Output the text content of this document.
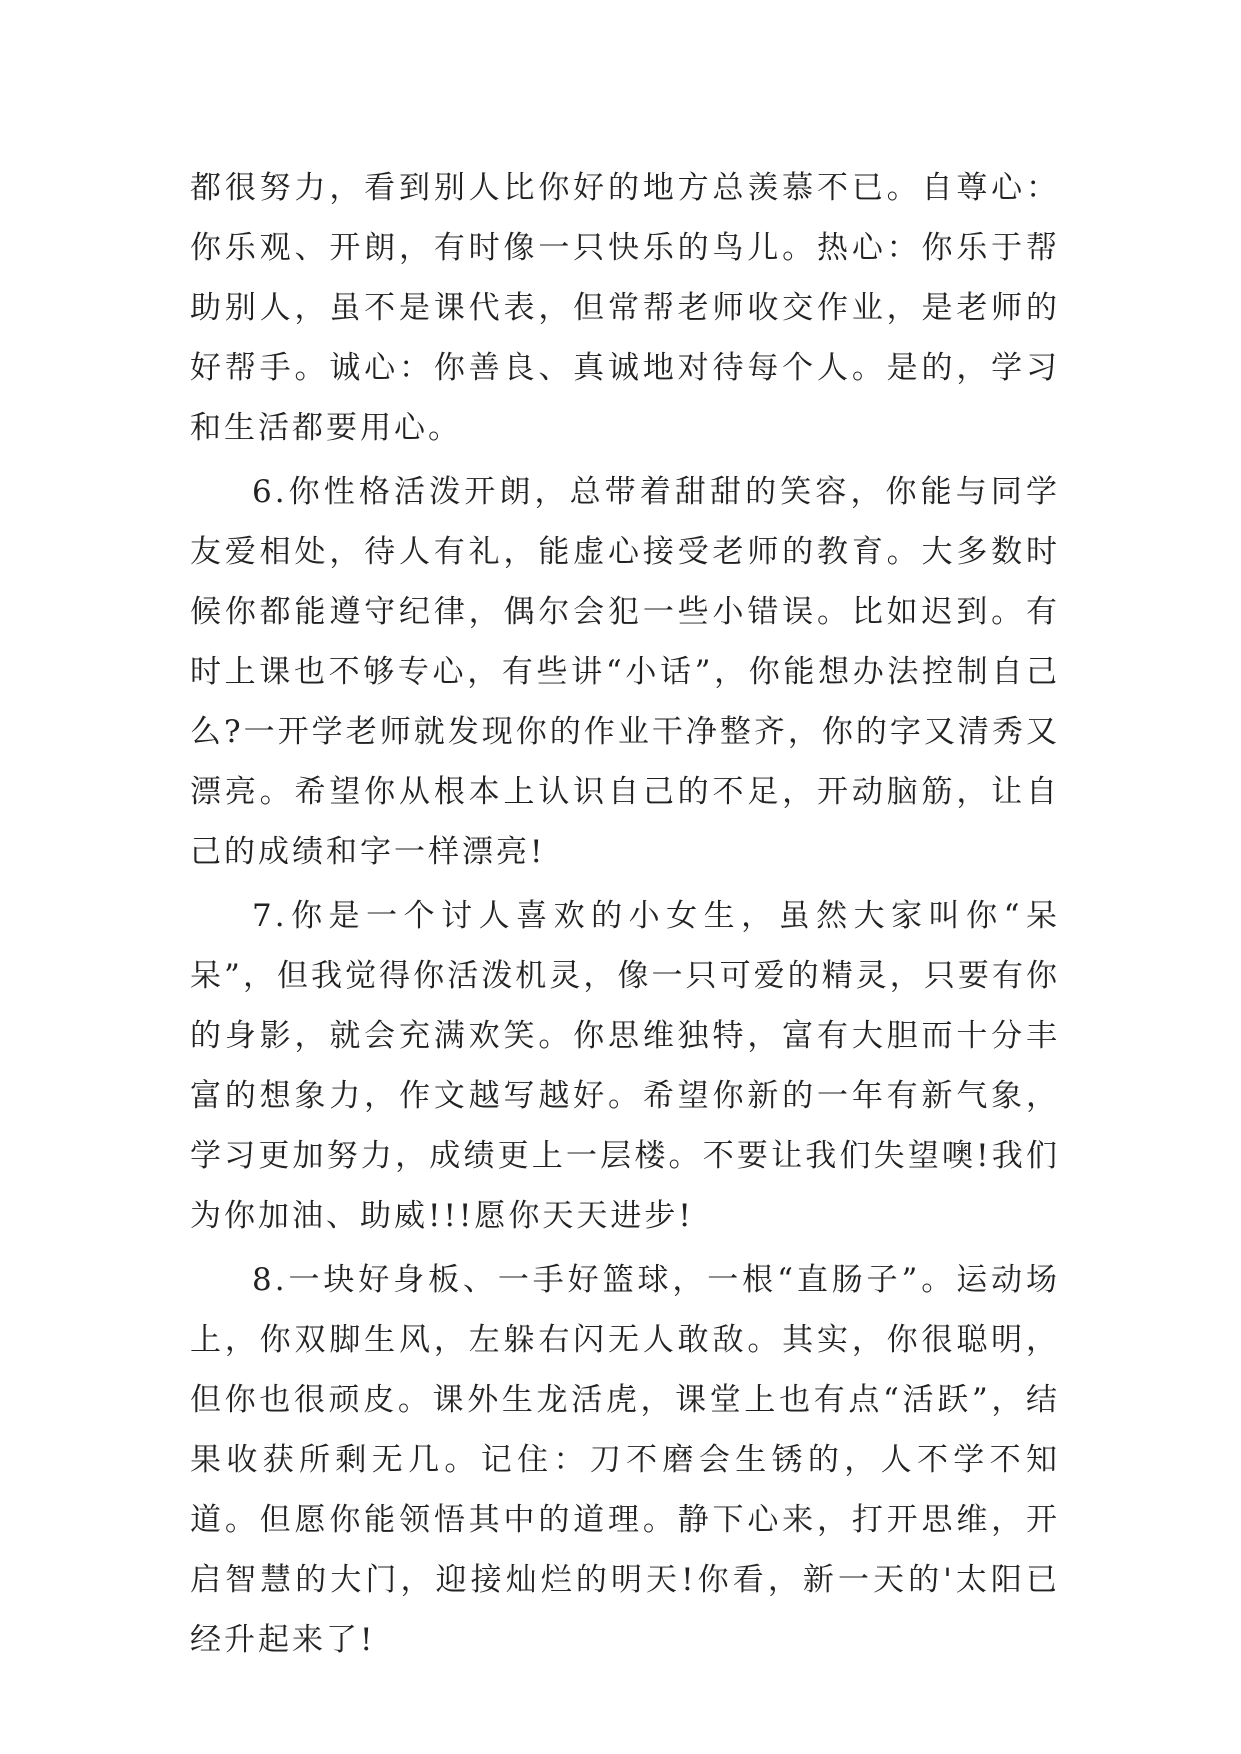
都很努力，看到别人比你好的地方总羡慕不已。自尊心：你乐观、开朗，有时像一只快乐的鸟儿。热心：你乐于帮助别人，虽不是课代表，但常帮老师收交作业，是老师的好帮手。诚心：你善良、真诚地对待每个人。是的，学习和生活都要用心。

6.你性格活泼开朗，总带着甜甜的笑容，你能与同学友爱相处，待人有礼，能虚心接受老师的教育。大多数时候你都能遵守纪律，偶尔会犯一些小错误。比如迟到。有时上课也不够专心，有些讲“小话”，你能想办法控制自己么?一开学老师就发现你的作业干净整齐，你的字又清秀又漂亮。希望你从根本上认识自己的不足，开动脑筋，让自己的成绩和字一样漂亮!

7.你是一个讨人喜欢的小女生，虽然大家叫你“呆呆”，但我觉得你活泼机灵，像一只可爱的精灵，只要有你的身影，就会充满欢笑。你思维独特，富有大胆而十分丰富的想象力，作文越写越好。希望你新的一年有新气象，学习更加努力，成绩更上一层楼。不要让我们失望噢!我们为你加油、助威!!!愿你天天进步!

8.一块好身板、一手好篮球，一根“直肠子”。运动场上，你双脚生风，左躲右闪无人敢敌。其实，你很聪明，但你也很顽皮。课外生龙活虎，课堂上也有点“活跃”，结果收获所剩无几。记住：刀不磨会生锈的，人不学不知道。但愿你能领悟其中的道理。静下心来，打开思维，开启智慧的大门，迎接灿烂的明天!你看，新一天的'太阳已经升起来了!
